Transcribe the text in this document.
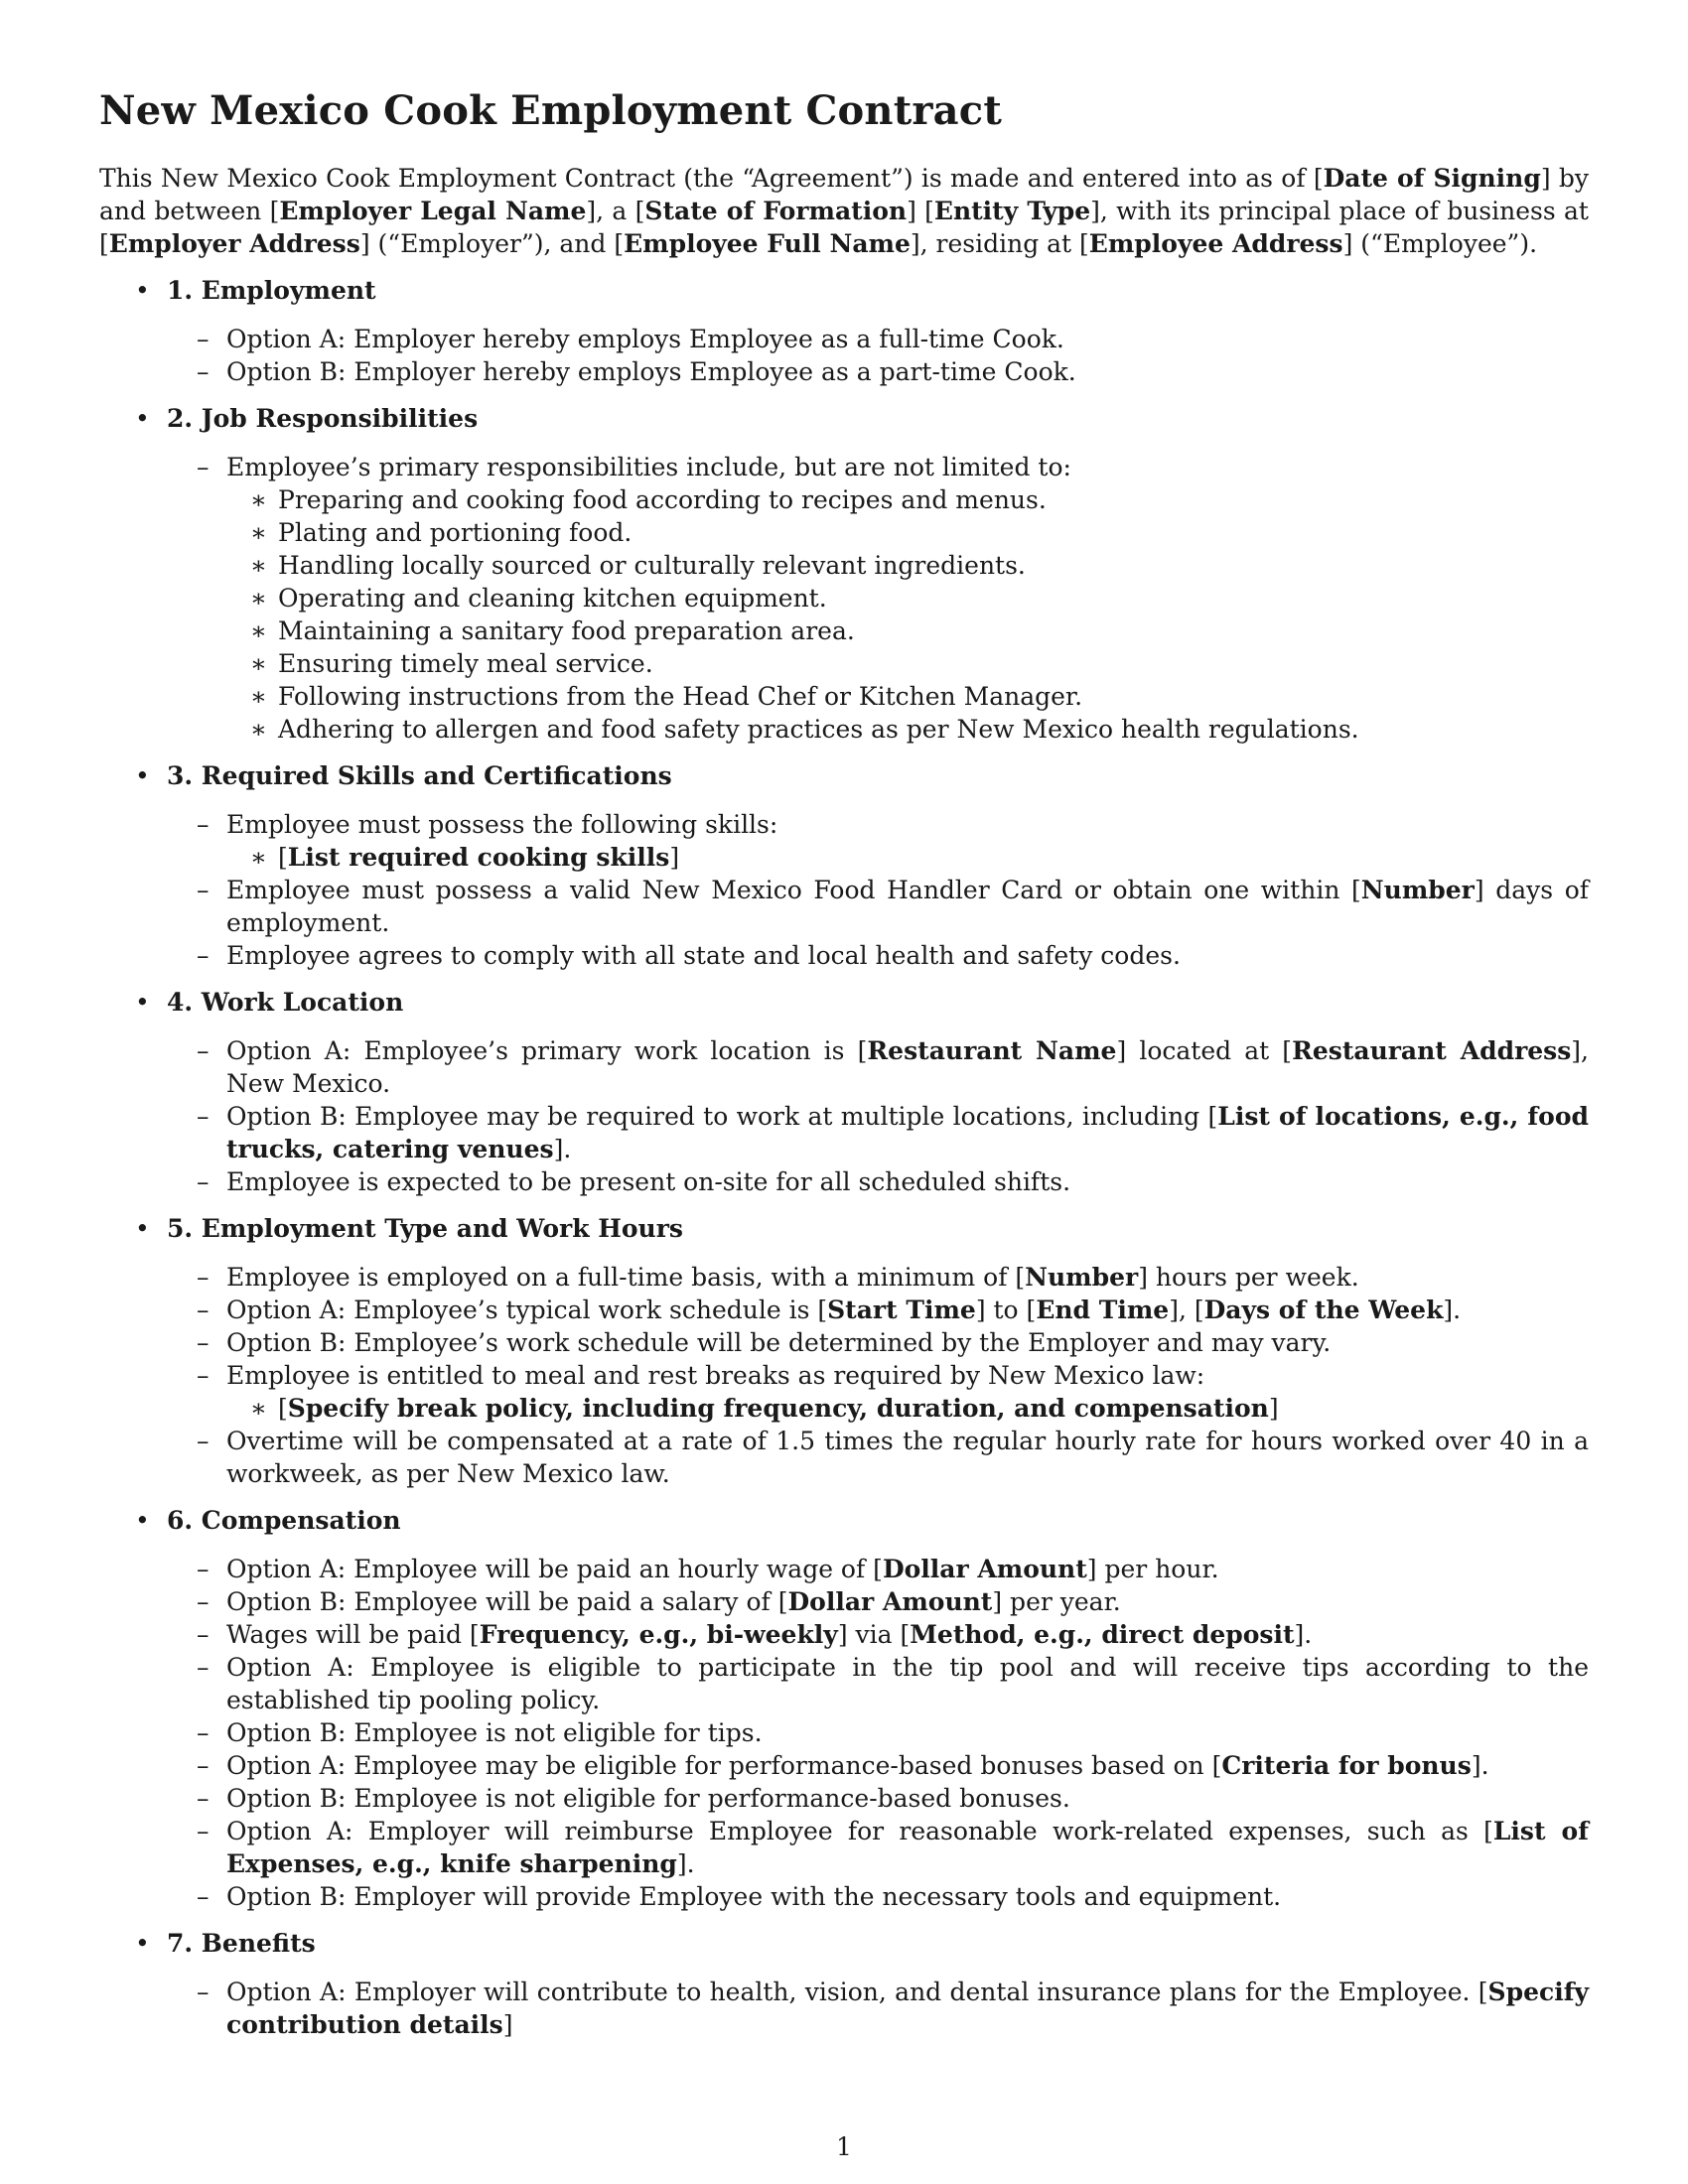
New Mexico Cook Employment Contract

This New Mexico Cook Employment Contract (the “Agreement”) is made and entered into as of [Date of Signing] by and between [Employer Legal Name], a [State of Formation] [Entity Type], with its principal place of business at [Employer Address] (“Employer”), and [Employee Full Name], residing at [Employee Address] (“Employee”).

• 1. Employment
– Option A: Employer hereby employs Employee as a full-time Cook.
– Option B: Employer hereby employs Employee as a part-time Cook.
• 2. Job Responsibilities
– Employee’s primary responsibilities include, but are not limited to:
∗ Preparing and cooking food according to recipes and menus.
∗ Plating and portioning food.
∗ Handling locally sourced or culturally relevant ingredients.
∗ Operating and cleaning kitchen equipment.
∗ Maintaining a sanitary food preparation area.
∗ Ensuring timely meal service.
∗ Following instructions from the Head Chef or Kitchen Manager.
∗ Adhering to allergen and food safety practices as per New Mexico health regulations.
• 3. Required Skills and Certifications
– Employee must possess the following skills:
∗ [List required cooking skills]
– Employee must possess a valid New Mexico Food Handler Card or obtain one within [Number] days of employment.
– Employee agrees to comply with all state and local health and safety codes.
• 4. Work Location
– Option A: Employee’s primary work location is [Restaurant Name] located at [Restaurant Address], New Mexico.
– Option B: Employee may be required to work at multiple locations, including [List of locations, e.g., food trucks, catering venues].
– Employee is expected to be present on-site for all scheduled shifts.
• 5. Employment Type and Work Hours
– Employee is employed on a full-time basis, with a minimum of [Number] hours per week.
– Option A: Employee’s typical work schedule is [Start Time] to [End Time], [Days of the Week].
– Option B: Employee’s work schedule will be determined by the Employer and may vary.
– Employee is entitled to meal and rest breaks as required by New Mexico law:
∗ [Specify break policy, including frequency, duration, and compensation]
– Overtime will be compensated at a rate of 1.5 times the regular hourly rate for hours worked over 40 in a workweek, as per New Mexico law.
• 6. Compensation
– Option A: Employee will be paid an hourly wage of [Dollar Amount] per hour.
– Option B: Employee will be paid a salary of [Dollar Amount] per year.
– Wages will be paid [Frequency, e.g., bi-weekly] via [Method, e.g., direct deposit].
– Option A: Employee is eligible to participate in the tip pool and will receive tips according to the established tip pooling policy.
– Option B: Employee is not eligible for tips.
– Option A: Employee may be eligible for performance-based bonuses based on [Criteria for bonus].
– Option B: Employee is not eligible for performance-based bonuses.
– Option A: Employer will reimburse Employee for reasonable work-related expenses, such as [List of Expenses, e.g., knife sharpening].
– Option B: Employer will provide Employee with the necessary tools and equipment.
• 7. Benefits
– Option A: Employer will contribute to health, vision, and dental insurance plans for the Employee. [Specify contribution details]
1
